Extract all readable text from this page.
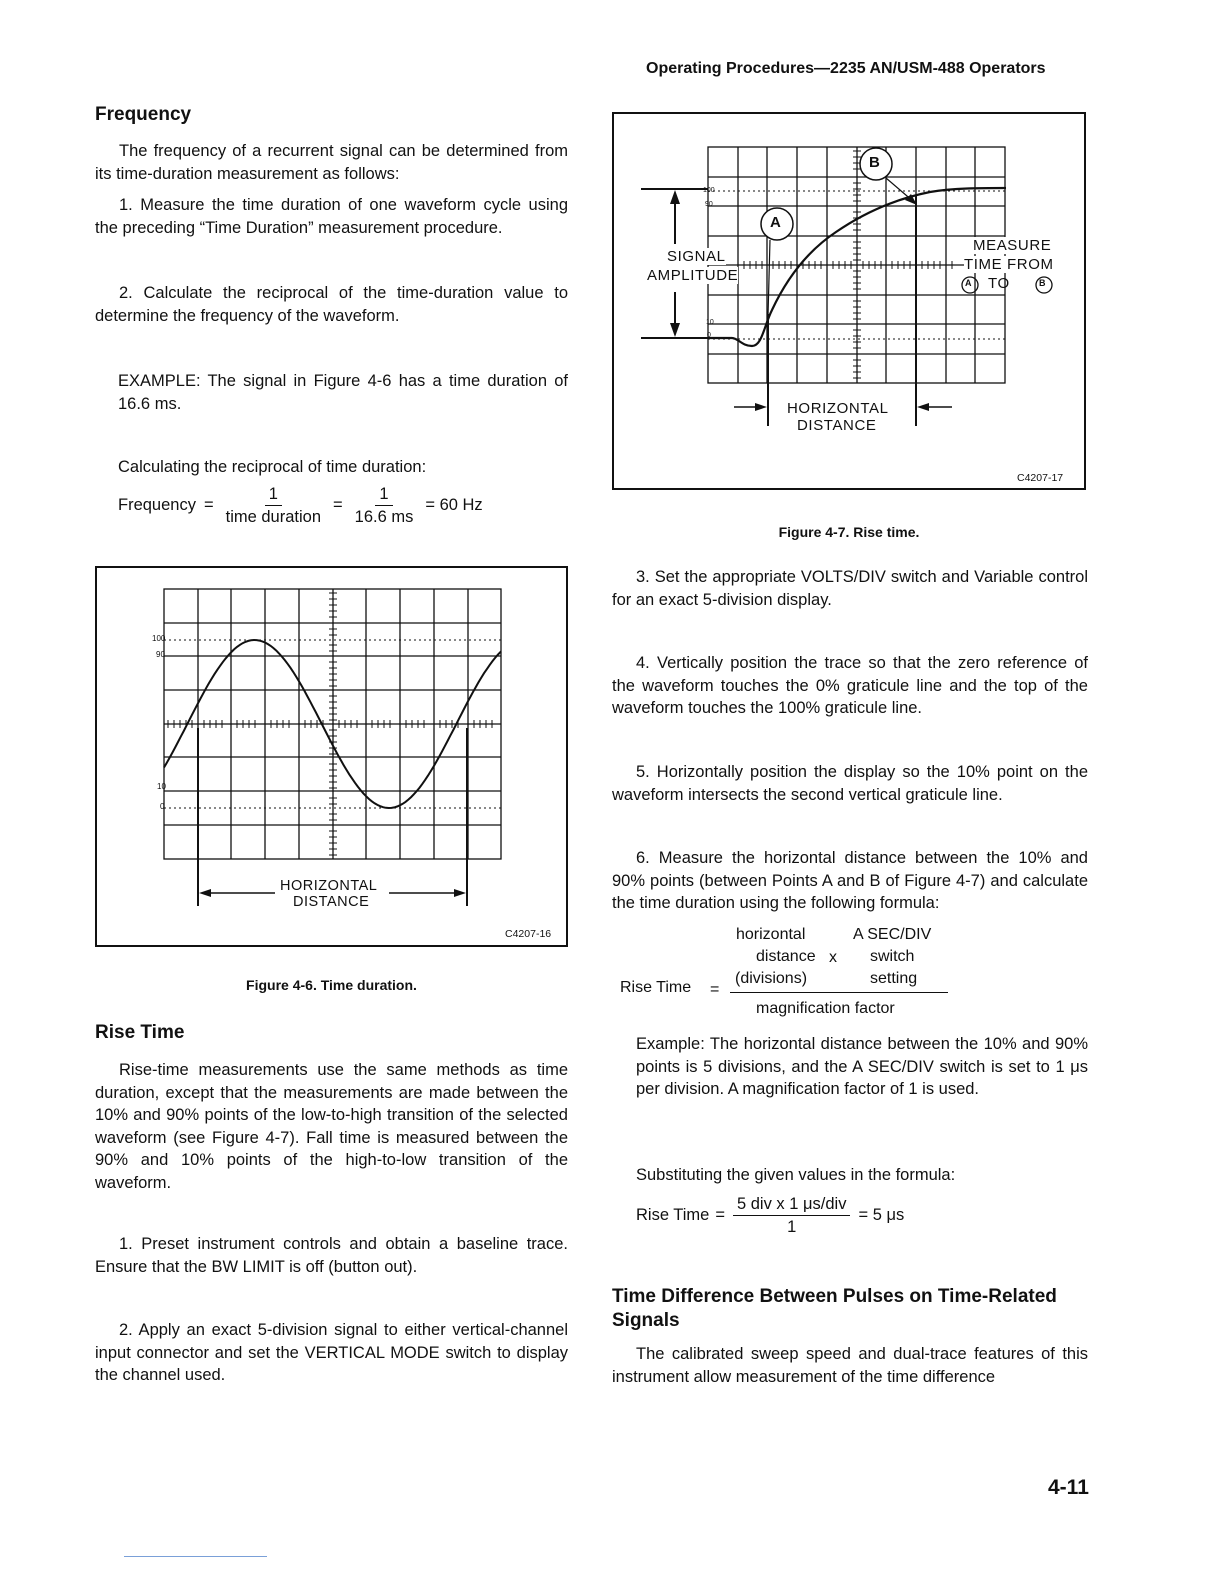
Operating Procedures—2235 AN/USM-488 Operators
Frequency
The frequency of a recurrent signal can be determined from its time-duration measurement as follows:
1. Measure the time duration of one waveform cycle using the preceding “Time Duration” measurement procedure.
2. Calculate the reciprocal of the time-duration value to determine the frequency of the waveform.
EXAMPLE: The signal in Figure 4-6 has a time duration of 16.6 ms.
Calculating the reciprocal of time duration:
Frequency = $\frac{1}{\text{time duration}} = \frac{1}{16.6 ms} = 60$ Hz
100
90
10
0
HORIZONTAL
DISTANCE
C4207-16
Figure 4-6. Time duration.
Rise Time
Rise-time measurements use the same methods as time duration, except that the measurements are made between the 10% and 90% points of the low-to-high transition of the selected waveform (see Figure 4-7). Fall time is measured between the 90% and 10% points of the high-to-low transition of the waveform.
1. Preset instrument controls and obtain a baseline trace. Ensure that the BW LIMIT is off (button out).
2. Apply an exact 5-division signal to either vertical-channel input connector and set the VERTICAL MODE switch to display the channel used.
100
90
10
0
A
B
SIGNAL
AMPLITUDE
MEASURE
TIME FROM
A TO	B
HORIZONTAL
DISTANCE
C4207-17
Figure 4-7. Rise time.
3. Set the appropriate VOLTS/DIV switch and Variable control for an exact 5-division display.
4. Vertically position the trace so that the zero reference of the waveform touches the 0% graticule line and the top of the waveform touches the 100% graticule line.
5. Horizontally position the display so the 10% point on the waveform intersects the second vertical graticule line.
6. Measure the horizontal distance between the 10% and 90% points (between Points A and B of Figure 4-7) and calculate the time duration using the following formula:
horizontal
distance
(divisions)
x
A SEC/DIV
switch
setting
Rise Time =
magnification factor
Example: The horizontal distance between the 10% and 90% points is 5 divisions, and the A SEC/DIV switch is set to 1 μs per division. A magnification factor of 1 is used.
Substituting the given values in the formula:
Rise Time = $\frac{\text{5 div x 1 μs/div}}{1} = 5$ μs
Time Difference Between Pulses on Time-Related Signals
The calibrated sweep speed and dual-trace features of this instrument allow measurement of the time difference
4-11
